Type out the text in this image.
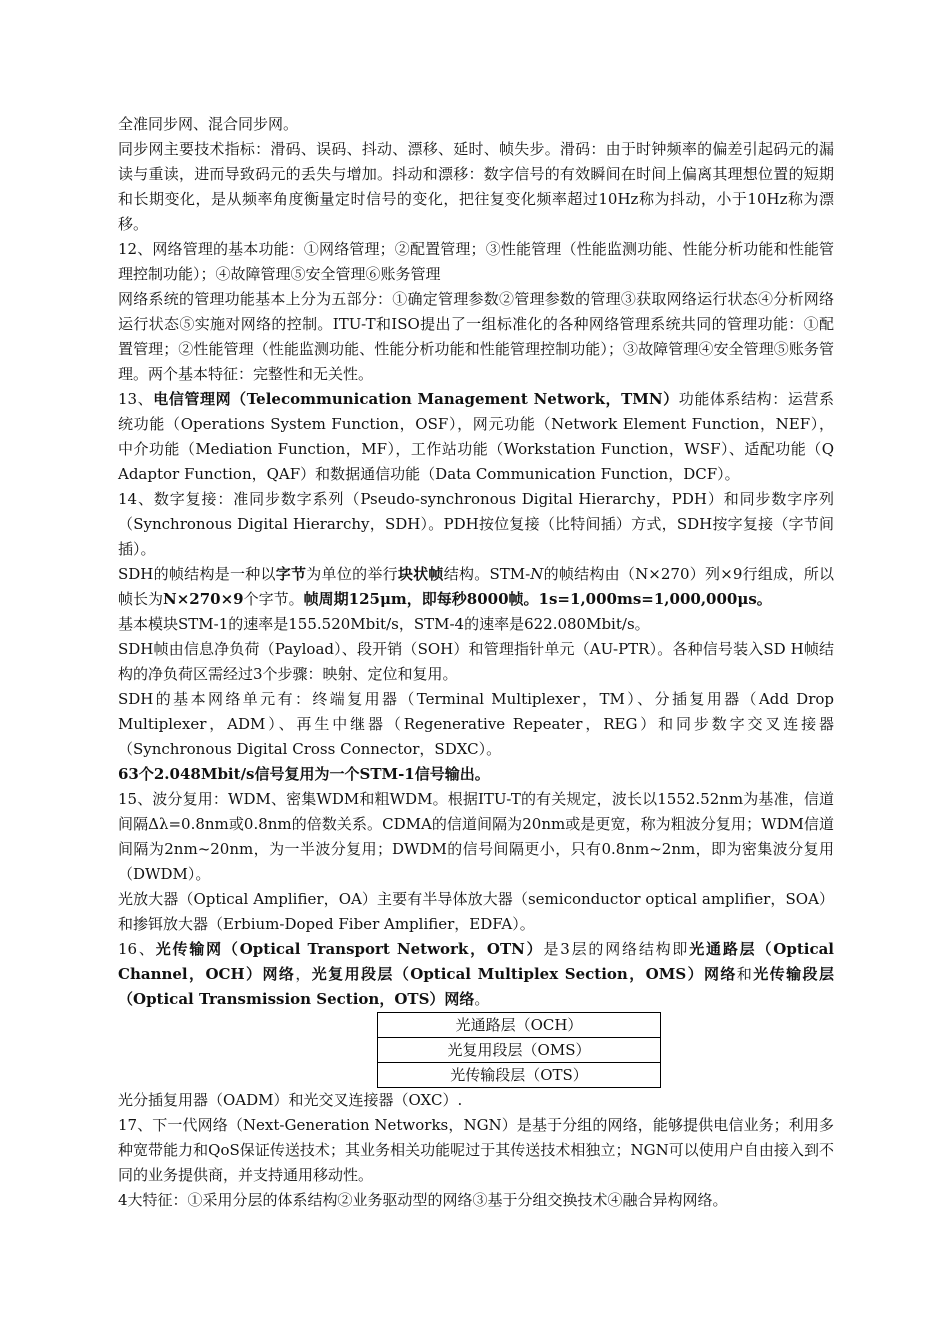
全准同步网、混合同步网。

同步网主要技术指标：滑码、误码、抖动、漂移、延时、帧失步。滑码：由于时钟频率的偏差引起码元的漏读与重读，进而导致码元的丢失与增加。抖动和漂移：数字信号的有效瞬间在时间上偏离其理想位置的短期和长期变化，是从频率角度衡量定时信号的变化，把往复变化频率超过10Hz称为抖动，小于10Hz称为漂移。

12、网络管理的基本功能：①网络管理；②配置管理；③性能管理（性能监测功能、性能分析功能和性能管理控制功能）；④故障管理⑤安全管理⑥账务管理

网络系统的管理功能基本上分为五部分：①确定管理参数②管理参数的管理③获取网络运行状态④分析网络运行状态⑤实施对网络的控制。ITU-T和ISO提出了一组标准化的各种网络管理系统共同的管理功能：①配置管理；②性能管理（性能监测功能、性能分析功能和性能管理控制功能）；③故障管理④安全管理⑤账务管理。两个基本特征：完整性和无关性。

13、电信管理网（Telecommunication Management Network，TMN）功能体系结构：运营系统功能（Operations System Function，OSF），网元功能（Network Element Function，NEF），中介功能（Mediation Function，MF），工作站功能（Workstation Function，WSF）、适配功能（Q Adaptor Function，QAF）和数据通信功能（Data Communication Function，DCF）。

14、数字复接：准同步数字系列（Pseudo-synchronous Digital Hierarchy，PDH）和同步数字序列（Synchronous Digital Hierarchy，SDH）。PDH按位复接（比特间插）方式，SDH按字复接（字节间插）。

SDH的帧结构是一种以字节为单位的举行块状帧结构。STM-N的帧结构由（N×270）列×9行组成，所以帧长为N×270×9个字节。帧周期125μm，即每秒8000帧。1s=1,000ms=1,000,000μs。

基本模块STM-1的速率是155.520Mbit/s，STM-4的速率是622.080Mbit/s。

SDH帧由信息净负荷（Payload）、段开销（SOH）和管理指针单元（AU-PTR）。各种信号装入SD H帧结构的净负荷区需经过3个步骤：映射、定位和复用。

SDH的基本网络单元有：终端复用器（Terminal Multiplexer，TM）、分插复用器（Add Drop Multiplexer，ADM）、再生中继器（Regenerative Repeater，REG）和同步数字交叉连接器（Synchronous Digital Cross Connector，SDXC）。

63个2.048Mbit/s信号复用为一个STM-1信号输出。

15、波分复用：WDM、密集WDM和粗WDM。根据ITU-T的有关规定，波长以1552.52nm为基准，信道间隔Δλ=0.8nm或0.8nm的倍数关系。CDMA的信道间隔为20nm或是更宽，称为粗波分复用；WDM信道间隔为2nm~20nm，为一半波分复用；DWDM的信号间隔更小，只有0.8nm~2nm，即为密集波分复用（DWDM）。

光放大器（Optical Amplifier，OA）主要有半导体放大器（semiconductor optical amplifier，SOA）和掺铒放大器（Erbium-Doped Fiber Amplifier，EDFA）。

16、光传输网（Optical Transport Network，OTN）是3层的网络结构即光通路层（Optical Channel，OCH）网络，光复用段层（Optical Multiplex Section，OMS）网络和光传输段层（Optical Transmission Section，OTS）网络。

光通路层（OCH）
光复用段层（OMS）
光传输段层（OTS）

光分插复用器（OADM）和光交叉连接器（OXC）.

17、下一代网络（Next-Generation Networks，NGN）是基于分组的网络，能够提供电信业务；利用多种宽带能力和QoS保证传送技术；其业务相关功能呢过于其传送技术相独立；NGN可以使用户自由接入到不同的业务提供商，并支持通用移动性。

4大特征：①采用分层的体系结构②业务驱动型的网络③基于分组交换技术④融合异构网络。
